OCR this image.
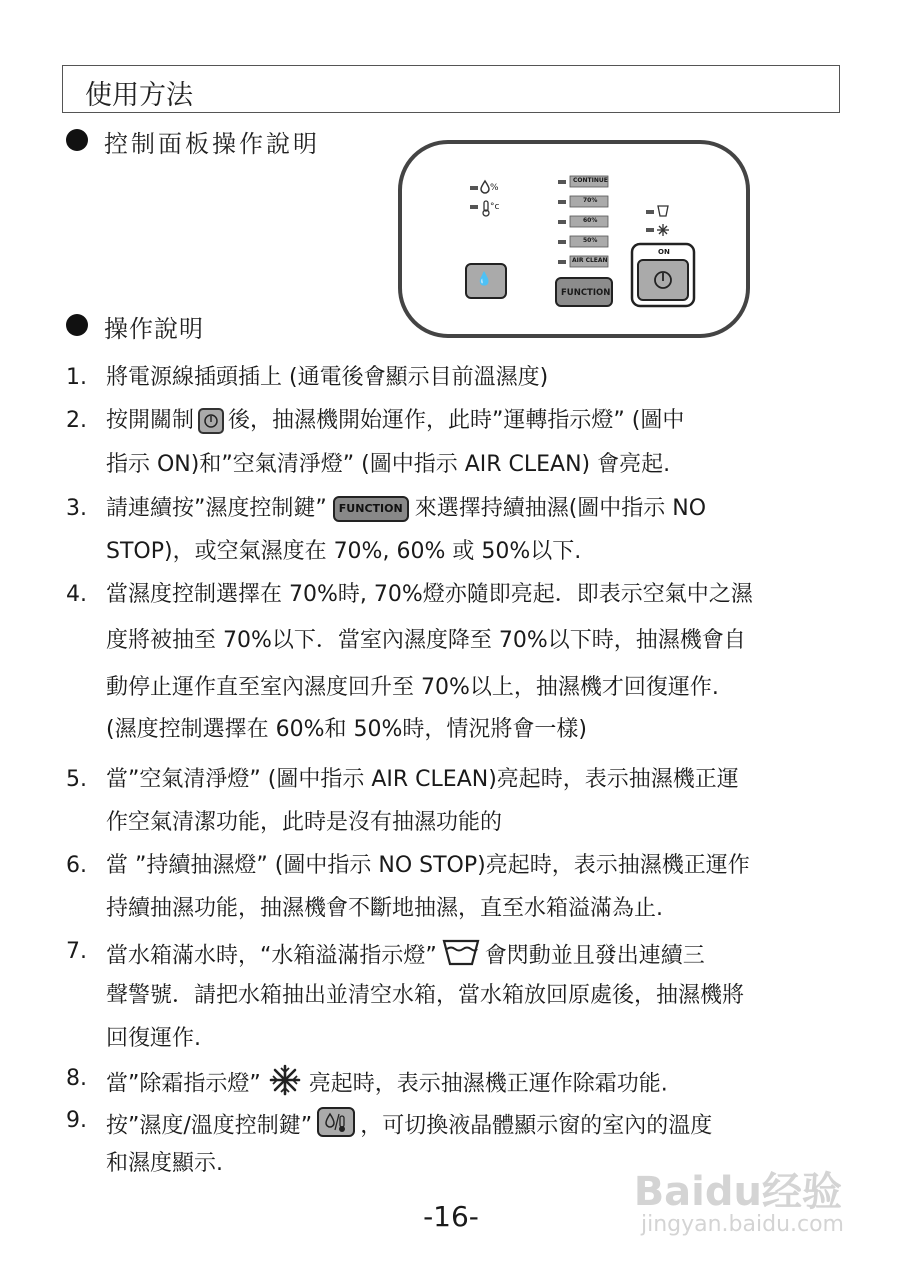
使用方法
控制面板操作說明
%
°c
CONTINUE
70%
60%
50%
AIR CLEAN
ON
FUNCTION
💧
操作說明
1. 將電源線插頭插上 (通電後會顯示目前溫濕度)
2. 按開關制 後，抽濕機開始運作，此時”運轉指示燈” (圖中
指示 ON)和”空氣清淨燈” (圖中指示 AIR CLEAN) 會亮起.
3. 請連續按”濕度控制鍵” FUNCTION 來選擇持續抽濕(圖中指示 NO
STOP)，或空氣濕度在 70%, 60% 或 50%以下.
4. 當濕度控制選擇在 70%時, 70%燈亦隨即亮起．即表示空氣中之濕
度將被抽至 70%以下．當室內濕度降至 70%以下時，抽濕機會自
動停止運作直至室內濕度回升至 70%以上，抽濕機才回復運作.
(濕度控制選擇在 60%和 50%時，情況將會一樣)
5. 當”空氣清淨燈” (圖中指示 AIR CLEAN)亮起時，表示抽濕機正運
作空氣清潔功能，此時是沒有抽濕功能的
6. 當 ”持續抽濕燈” (圖中指示 NO STOP)亮起時，表示抽濕機正運作
持續抽濕功能，抽濕機會不斷地抽濕，直至水箱溢滿為止.
7. 當水箱滿水時，“水箱溢滿指示燈” 會閃動並且發出連續三
聲警號．請把水箱抽出並清空水箱，當水箱放回原處後，抽濕機將
回復運作.
8. 當”除霜指示燈” 亮起時，表示抽濕機正運作除霜功能.
9. 按”濕度/溫度控制鍵” ，可切換液晶體顯示窗的室內的溫度
和濕度顯示.
-16-
Baidu经验
jingyan.baidu.com
